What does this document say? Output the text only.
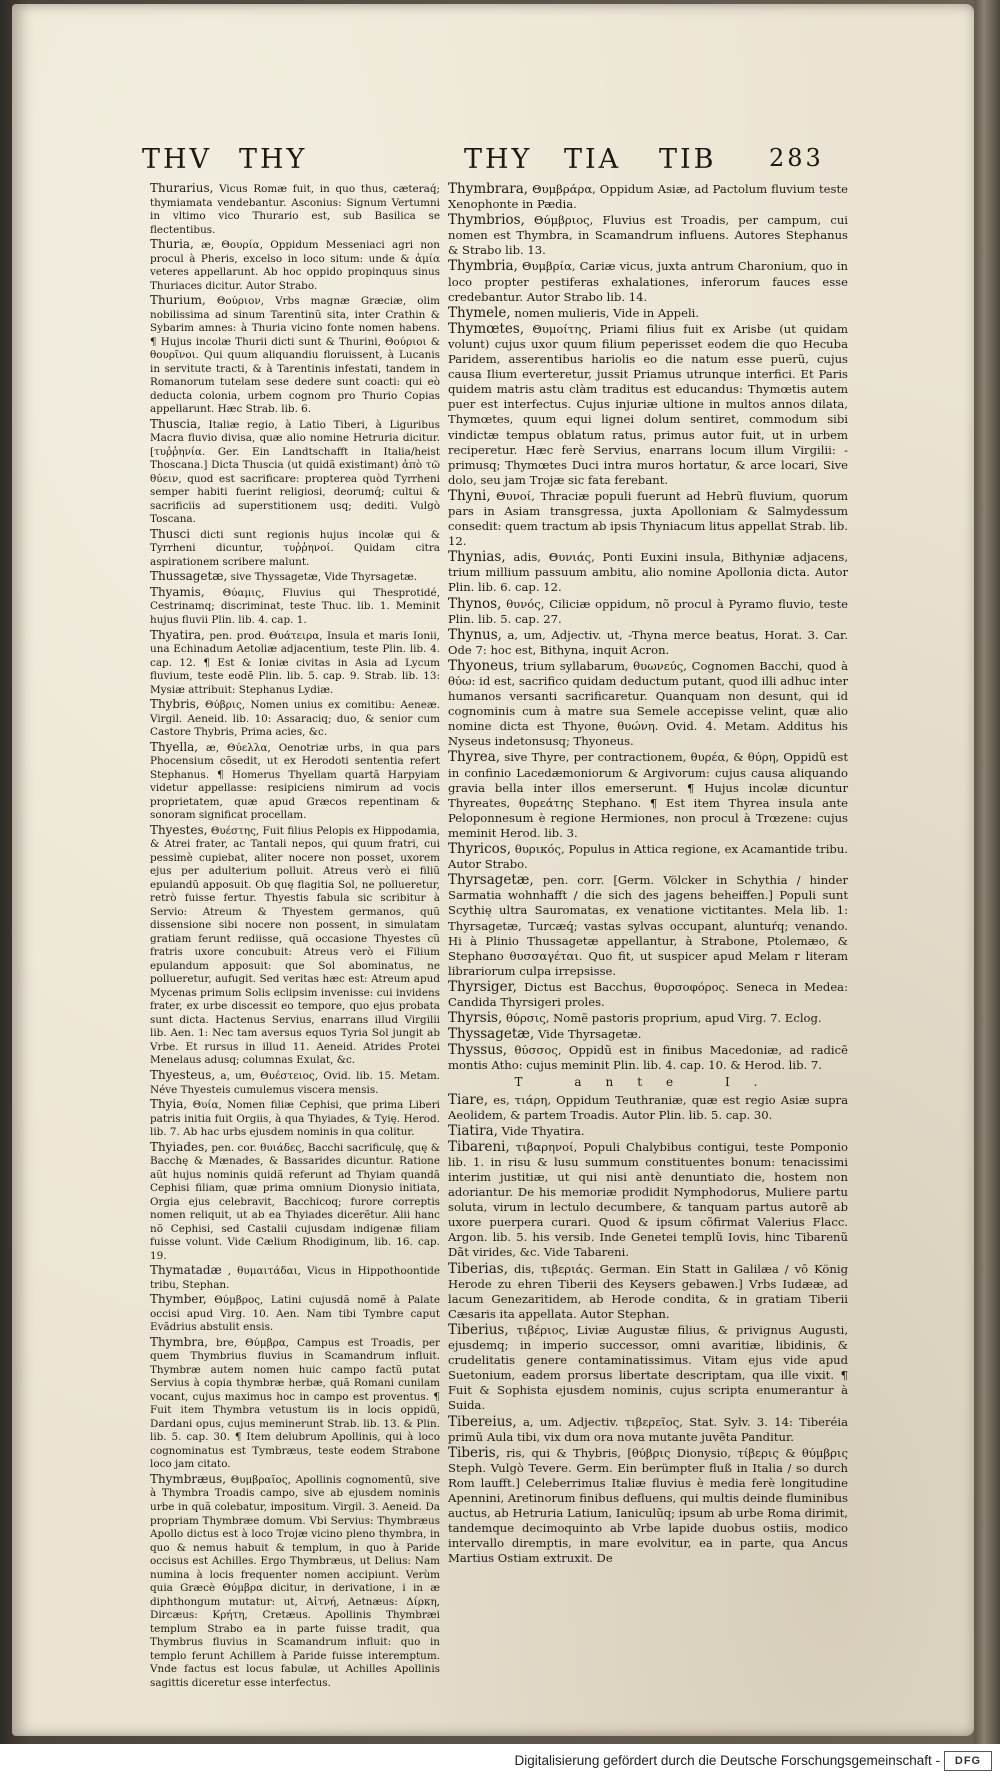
THV THY	THY TIA TIB 283
Thurarius, Vicus Romæ fuit, in quo thus, cæteraq́; thymiamata vendebantur. Asconius: Signum Vertumni in vltimo vico Thurario est, sub Basilica se flectentibus.
Thuria, æ, Θουρία, Oppidum Messeniaci agri non procul à Pheris, excelso in loco situm: unde & ἀμία veteres appellarunt. Ab hoc oppido propinquus sinus Thuriaces dicitur. Autor Strabo.
Thurium, Θούριον, Vrbs magnæ Græciæ, olim nobilissima ad sinum Tarentinũ sita, inter Crathin & Sybarim amnes: à Thuria vicino fonte nomen habens. ¶ Hujus incolæ Thurii dicti sunt & Thurini, Θούριοι & θουρῖνοι. Qui quum aliquandiu floruissent, à Lucanis in servitute tracti, & à Tarentinis infestati, tandem in Romanorum tutelam sese dedere sunt coacti: qui eò deducta colonia, urbem cognom pro Thurio Copias appellarunt. Hæc Strab. lib. 6.
Thuscia, Italiæ regio, à Latio Tiberi, à Liguribus Macra fluvio divisa, quæ alio nomine Hetruria dicitur. [τυῤῥηνία. Ger. Ein Landtschafft in Italia/heist Thoscana.] Dicta Thuscia (ut quidã existimant) ἀπὸ τῶ θύειν, quod est sacrificare: propterea quòd Tyrrheni semper habiti fuerint religiosi, deorumq́; cultui & sacrificiis ad superstitionem usq; dediti. Vulgò Toscana.
Thusci dicti sunt regionis hujus incolæ qui & Tyrrheni dicuntur, τυῤῥηνοί. Quidam citra aspirationem scribere malunt.
Thussagetæ, sive Thyssagetæ, Vide Thyrsagetæ.
Thyamis, Θύαμις, Fluvius qui Thesprotidé, Cestrinamq; discriminat, teste Thuc. lib. 1. Meminit hujus fluvii Plin. lib. 4. cap. 1.
Thyatira, pen. prod. Θυάτειρα, Insula et maris Ionii, una Echinadum Aetoliæ adjacentium, teste Plin. lib. 4. cap. 12. ¶ Est & Ioniæ civitas in Asia ad Lycum fluvium, teste eodẽ Plin. lib. 5. cap. 9. Strab. lib. 13: Mysiæ attribuit: Stephanus Lydiæ.
Thybris, Θύβρις, Nomen unius ex comitibu: Aeneæ. Virgil. Aeneid. lib. 10: Assaraciq; duo, & senior cum Castore Thybris, Prima acies, &c.
Thyella, æ, Θύελλα, Oenotriæ urbs, in qua pars Phocensium cõsedit, ut ex Herodoti sententia refert Stephanus. ¶ Homerus Thyellam quartã Harpyiam videtur appellasse: resipiciens nimirum ad vocis proprietatem, quæ apud Græcos repentinam & sonoram significat procellam.
Thyestes, Θυέστης, Fuit filius Pelopis ex Hippodamia, & Atrei frater, ac Tantali nepos, qui quum fratri, cui pessimè cupiebat, aliter nocere non posset, uxorem ejus per adulterium polluit. Atreus verò ei filiũ epulandũ apposuit. Ob quę flagitia Sol, ne pollueretur, retrò fuisse fertur. Thyestis fabula sic scribitur à Servio: Atreum & Thyestem germanos, quũ dissensione sibi nocere non possent, in simulatam gratiam ferunt rediisse, quã occasione Thyestes cũ fratris uxore concubuit: Atreus verò ei Filium epulandum apposuit: que Sol abominatus, ne pollueretur, aufugit. Sed veritas hæc est: Atreum apud Mycenas primum Solis eclipsim invenisse: cui invidens frater, ex urbe discessit eo tempore, quo ejus probata sunt dicta. Hactenus Servius, enarrans illud Virgilii lib. Aen. 1: Nec tam aversus equos Tyria Sol jungit ab Vrbe. Et rursus in illud 11. Aeneid. Atrides Protei Menelaus adusq; columnas Exulat, &c.
Thyesteus, a, um, Θυέστειος, Ovid. lib. 15. Metam. Néve Thyesteis cumulemus viscera mensis.
Thyia, Θυία, Nomen filiæ Cephisi, que prima Liberi patris initia fuit Orgiis, à qua Thyiades, & Tyię. Herod. lib. 7. Ab hac urbs ejusdem nominis in qua colitur.
Thyiades, pen. cor. θυιάδες, Bacchi sacrificulę, quę & Bacchę & Mænades, & Bassarides dicuntur. Ratione aũt hujus nominis quidã referunt ad Thyiam quandã Cephisi filiam, quæ prima omnium Dionysio initiata, Orgia ejus celebravit, Bacchicoq; furore correptis nomen reliquit, ut ab ea Thyiades dicerẽtur. Alii hanc nõ Cephisi, sed Castalii cujusdam indigenæ filiam fuisse volunt. Vide Cælium Rhodiginum, lib. 16. cap. 19.
Thymatadæ , θυμαιτάδαι, Vicus in Hippothoontide tribu, Stephan.
Thymber, Θύμβρος, Latini cujusdã nomẽ à Palate occisi apud Virg. 10. Aen. Nam tibi Tymbre caput Evãdrius abstulit ensis.
Thymbra, bre, Θύμβρα, Campus est Troadis, per quem Thymbrius fluvius in Scamandrum influit. Thymbræ autem nomen huic campo factũ putat Servius à copia thymbræ herbæ, quã Romani cunilam vocant, cujus maximus hoc in campo est proventus. ¶ Fuit item Thymbra vetustum iis in locis oppidũ, Dardani opus, cujus meminerunt Strab. lib. 13. & Plin. lib. 5. cap. 30. ¶ Item delubrum Apollinis, qui à loco cognominatus est Tymbræus, teste eodem Strabone loco jam citato.
Thymbræus, Θυμβραῖος, Apollinis cognomentũ, sive à Thymbra Troadis campo, sive ab ejusdem nominis urbe in quã colebatur, impositum. Virgil. 3. Aeneid. Da propriam Thymbræe domum. Vbi Servius: Thymbræus Apollo dictus est à loco Trojæ vicino pleno thymbra, in quo & nemus habuit & templum, in quo à Paride occisus est Achilles. Ergo Thymbræus, ut Delius: Nam numina à locis frequenter nomen accipiunt. Verùm quia Græcè Θύμβρα dicitur, in derivatione, i in æ diphthongum mutatur: ut, Αἰτνή, Aetnæus: Δίρκη, Dircæus: Κρήτη, Cretæus. Apollinis Thymbræi templum Strabo ea in parte fuisse tradit, qua Thymbrus fluvius in Scamandrum influit: quo in templo ferunt Achillem à Paride fuisse interemptum. Vnde factus est locus fabulæ, ut Achilles Apollinis sagittis diceretur esse interfectus.
Thymbrara, Θυμβράρα, Oppidum Asiæ, ad Pactolum fluvium teste Xenophonte in Pædia.
Thymbrios, Θύμβριος, Fluvius est Troadis, per campum, cui nomen est Thymbra, in Scamandrum influens. Autores Stephanus & Strabo lib. 13.
Thymbria, Θυμβρία, Cariæ vicus, juxta antrum Charonium, quo in loco propter pestiferas exhalationes, inferorum fauces esse credebantur. Autor Strabo lib. 14.
Thymele, nomen mulieris, Vide in Appeli.
Thymœtes, Θυμοίτης, Priami filius fuit ex Arisbe (ut quidam volunt) cujus uxor quum filium peperisset eodem die quo Hecuba Paridem, asserentibus hariolis eo die natum esse puerũ, cujus causa Ilium everteretur, jussit Priamus utrunque interfici. Et Paris quidem matris astu clàm traditus est educandus: Thymœtis autem puer est interfectus. Cujus injuriæ ultione in multos annos dilata, Thymœtes, quum equi lignei dolum sentiret, commodum sibi vindictæ tempus oblatum ratus, primus autor fuit, ut in urbem reciperetur. Hæc ferè Servius, enarrans locum illum Virgilii: -primusq; Thymœtes Duci intra muros hortatur, & arce locari, Sive dolo, seu jam Trojæ sic fata ferebant.
Thyni, Θυνοί, Thraciæ populi fuerunt ad Hebrũ fluvium, quorum pars in Asiam transgressa, juxta Apolloniam & Salmydessum consedit: quem tractum ab ipsis Thyniacum litus appellat Strab. lib. 12.
Thynias, adis, Θυνιάς, Ponti Euxini insula, Bithyniæ adjacens, trium millium passuum ambitu, alio nomine Apollonia dicta. Autor Plin. lib. 6. cap. 12.
Thynos, θυνός, Ciliciæ oppidum, nõ procul à Pyramo fluvio, teste Plin. lib. 5. cap. 27.
Thynus, a, um, Adjectiv. ut, -Thyna merce beatus, Horat. 3. Car. Ode 7: hoc est, Bithyna, inquit Acron.
Thyoneus, trium syllabarum, θυωνεύς, Cognomen Bacchi, quod à θύω: id est, sacrifico quidam deductum putant, quod illi adhuc inter humanos versanti sacrificaretur. Quanquam non desunt, qui id cognominis cum à matre sua Semele accepisse velint, quæ alio nomine dicta est Thyone, θυώνη. Ovid. 4. Metam. Additus his Nyseus indetonsusq; Thyoneus.
Thyrea, sive Thyre, per contractionem, θυρέα, & θύρη, Oppidũ est in confinio Lacedæmoniorum & Argivorum: cujus causa aliquando gravia bella inter illos emerserunt. ¶ Hujus incolæ dicuntur Thyreates, θυρεάτης Stephano. ¶ Est item Thyrea insula ante Peloponnesum è regione Hermiones, non procul à Trœzene: cujus meminit Herod. lib. 3.
Thyricos, θυρικός, Populus in Attica regione, ex Acamantide tribu. Autor Strabo.
Thyrsagetæ, pen. corr. [Germ. Völcker in Schythia / hinder Sarmatia wohnhafft / die sich des jagens beheiffen.] Populi sunt Scythię ultra Sauromatas, ex venatione victitantes. Mela lib. 1: Thyrsagetæ, Turcæq́; vastas sylvas occupant, aluntuŕq; venando. Hi à Plinio Thussagetæ appellantur, à Strabone, Ptolemæo, & Stephano θυσσαγέται. Quo fit, ut suspicer apud Melam r literam librariorum culpa irrepsisse.
Thyrsiger, Dictus est Bacchus, θυρσοφόρος. Seneca in Medea: Candida Thyrsigeri proles.
Thyrsis, θύρσις, Nomẽ pastoris proprium, apud Virg. 7. Eclog.
Thyssagetæ, Vide Thyrsagetæ.
Thyssus, θύσσος, Oppidũ est in finibus Macedoniæ, ad radicẽ montis Atho: cujus meminit Plin. lib. 4. cap. 10. & Herod. lib. 7.
T ante I.
Tiare, es, τιάρη, Oppidum Teuthraniæ, quæ est regio Asiæ supra Aeolidem, & partem Troadis. Autor Plin. lib. 5. cap. 30.
Tiatira, Vide Thyatira.
Tibareni, τιβαρηνοί, Populi Chalybibus contigui, teste Pomponio lib. 1. in risu & lusu summum constituentes bonum: tenacissimi interim justitiæ, ut qui nisi antè denuntiato die, hostem non adoriantur. De his memoriæ prodidit Nymphodorus, Muliere partu soluta, virum in lectulo decumbere, & tanquam partus autorẽ ab uxore puerpera curari. Quod & ipsum cõfirmat Valerius Flacc. Argon. lib. 5. his versib. Inde Genetei templũ Iovis, hinc Tibarenũ Dãt virides, &c. Vide Tabareni.
Tiberias, dis, τιβεριάς. German. Ein Statt in Galilæa / vō König Herode zu ehren Tiberii des Keysers gebawen.] Vrbs Iudææ, ad lacum Genezaritidem, ab Herode condita, & in gratiam Tiberii Cæsaris ita appellata. Autor Stephan.
Tiberius, τιβέριος, Liviæ Augustæ filius, & privignus Augusti, ejusdemq; in imperio successor, omni avaritiæ, libidinis, & crudelitatis genere contaminatissimus. Vitam ejus vide apud Suetonium, eadem prorsus libertate descriptam, qua ille vixit. ¶ Fuit & Sophista ejusdem nominis, cujus scripta enumerantur à Suida.
Tibereius, a, um. Adjectiv. τιβερεῖος, Stat. Sylv. 3. 14: Tiberéia primũ Aula tibi, vix dum ora nova mutante juvẽta Panditur.
Tiberis, ris, qui & Thybris, [θύβρις Dionysio, τίβερις & θύμβρις Steph. Vulgò Tevere. Germ. Ein berümpter fluß in Italia / so durch Rom laufft.] Celeberrimus Italiæ fluvius è media ferè longitudine Apennini, Aretinorum finibus defluens, qui multis deinde fluminibus auctus, ab Hetruria Latium, Ianiculũq; ipsum ab urbe Roma dirimit, tandemque decimoquinto ab Vrbe lapide duobus ostiis, modico intervallo diremptis, in mare evolvitur, ea in parte, qua Ancus Martius Ostiam extruxit. De
Digitalisierung gefördert durch die Deutsche Forschungsgemeinschaft -	DFG
